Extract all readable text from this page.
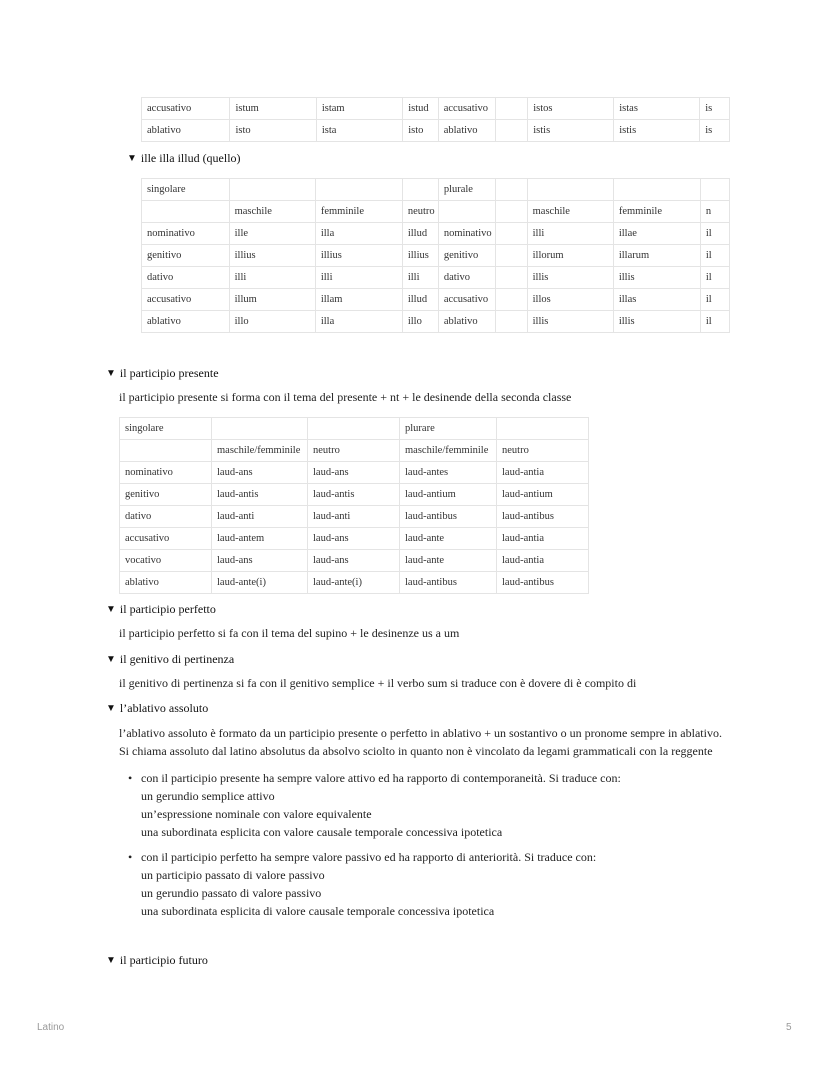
accusativo	istum	istam	istud	accusativo		istos	istas	is
ablativo	isto	ista	isto	ablativo		istis	istis	is
▼ ille illa illud (quello)
singolare				plurale				
	maschile	femminile	neutro			maschile	femminile	n
nominativo	ille	illa	illud	nominativo		illi	illae	il
genitivo	illius	illius	illius	genitivo		illorum	illarum	il
dativo	illi	illi	illi	dativo		illis	illis	il
accusativo	illum	illam	illud	accusativo		illos	illas	il
ablativo	illo	illa	illo	ablativo		illis	illis	il
▼ il participio presente
il participio presente si forma con il tema del presente + nt + le desinende della seconda classe
singolare			plurare	
	maschile/femminile	neutro	maschile/femminile	neutro
nominativo	laud-ans	laud-ans	laud-antes	laud-antia
genitivo	laud-antis	laud-antis	laud-antium	laud-antium
dativo	laud-anti	laud-anti	laud-antibus	laud-antibus
accusativo	laud-antem	laud-ans	laud-ante	laud-antia
vocativo	laud-ans	laud-ans	laud-ante	laud-antia
ablativo	laud-ante(i)	laud-ante(i)	laud-antibus	laud-antibus
▼ il participio perfetto
il participio perfetto si fa con il tema del supino + le desinenze us a um
▼ il genitivo di pertinenza
il genitivo di pertinenza si fa con il genitivo semplice + il verbo sum si traduce con è dovere di è compito di
▼ l’ablativo assoluto
l’ablativo assoluto è formato da un participio presente o perfetto in ablativo + un sostantivo o un pronome sempre in ablativo.
Si chiama assoluto dal latino absolutus da absolvo sciolto in quanto non è vincolato da legami grammaticali con la reggente
• con il participio presente ha sempre valore attivo ed ha rapporto di contemporaneità. Si traduce con:
un gerundio semplice attivo
un’espressione nominale con valore equivalente
una subordinata esplicita con valore causale temporale concessiva ipotetica
• con il participio perfetto ha sempre valore passivo ed ha rapporto di anteriorità. Si traduce con:
un participio passato di valore passivo
un gerundio passato di valore passivo
una subordinata esplicita di valore causale temporale concessiva ipotetica
▼ il participio futuro
Latino	5
